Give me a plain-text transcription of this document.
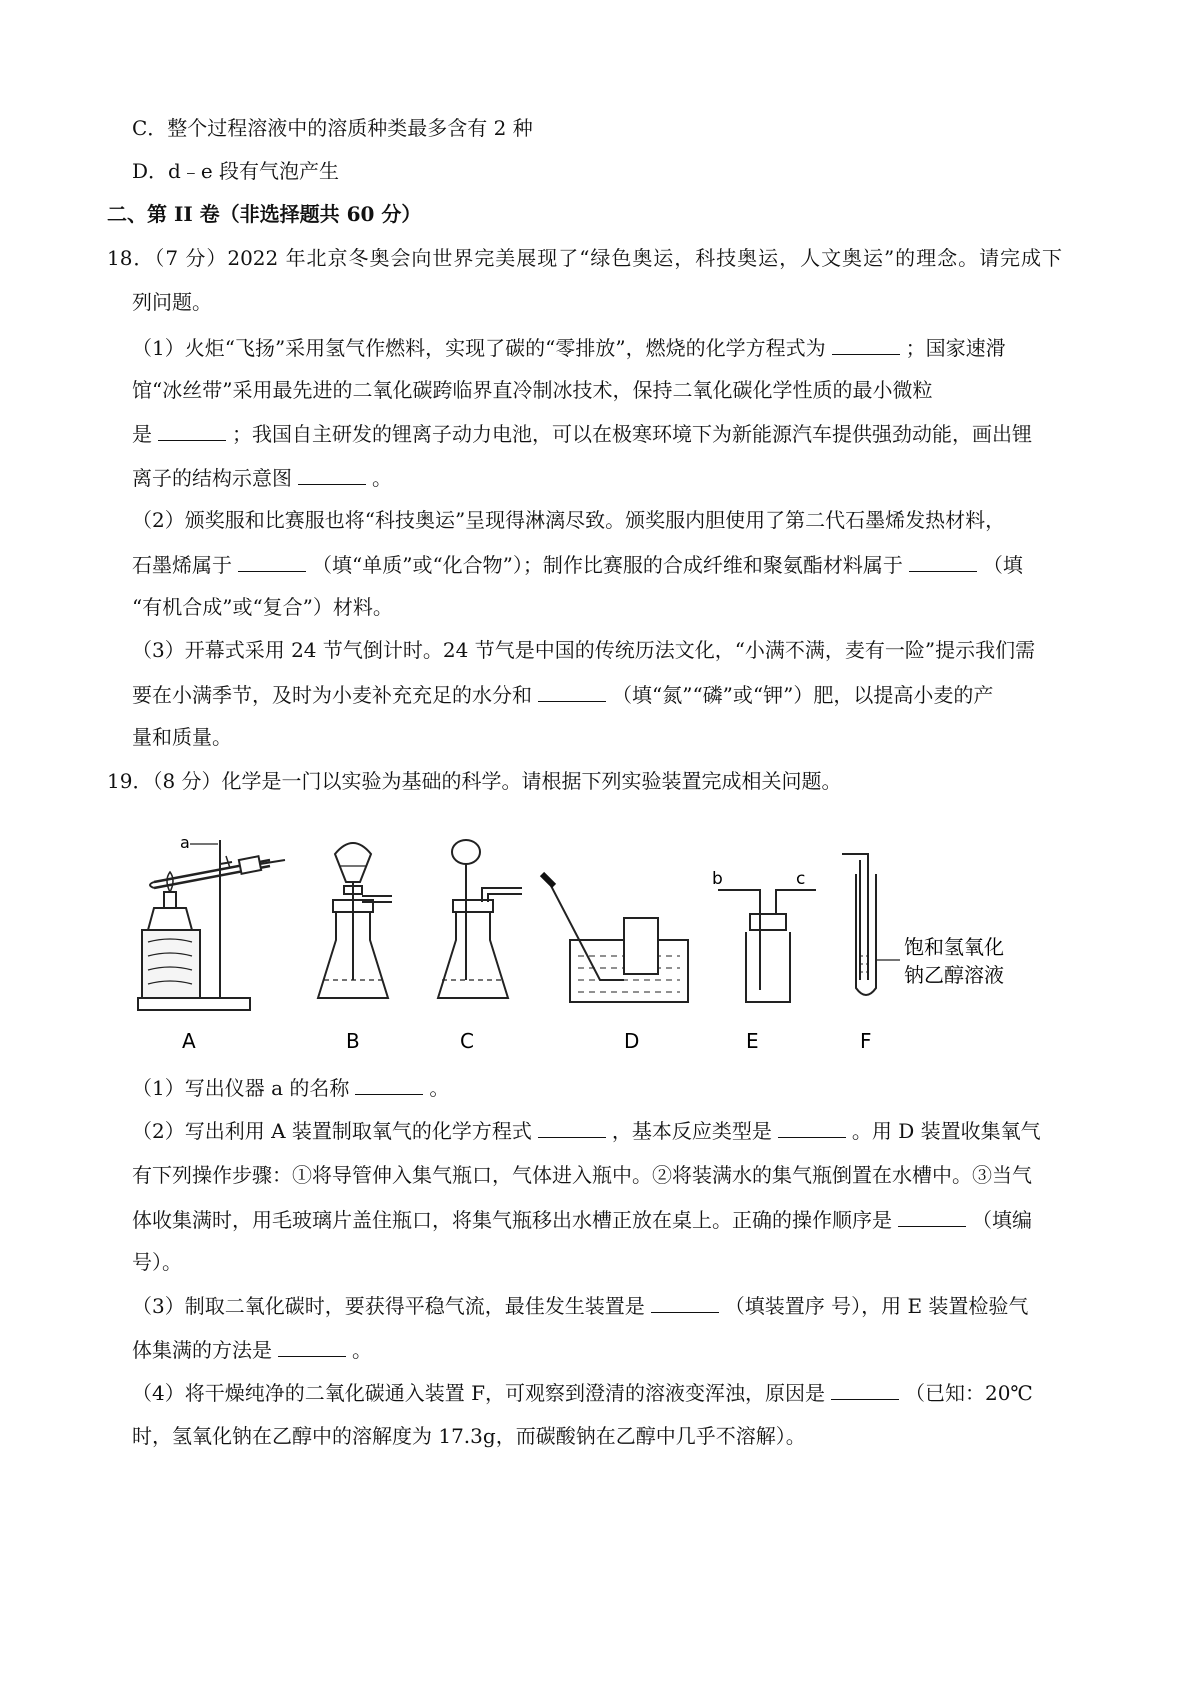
C．整个过程溶液中的溶质种类最多含有 2 种
D．d﹣e 段有气泡产生
二、第 II 卷（非选择题共 60 分）
18．（7 分）2022 年北京冬奥会向世界完美展现了“绿色奥运，科技奥运，人文奥运”的理念。请完成下
列问题。
（1）火炬“飞扬”采用氢气作燃料，实现了碳的“零排放”，燃烧的化学方程式为	；国家速滑
馆“冰丝带”采用最先进的二氧化碳跨临界直冷制冰技术，保持二氧化碳化学性质的最小微粒
是	；我国自主研发的锂离子动力电池，可以在极寒环境下为新能源汽车提供强劲动能，画出锂
离子的结构示意图	。
（2）颁奖服和比赛服也将“科技奥运”呈现得淋漓尽致。颁奖服内胆使用了第二代石墨烯发热材料，
石墨烯属于	（填“单质”或“化合物”）；制作比赛服的合成纤维和聚氨酯材料属于	（填
“有机合成”或“复合”）材料。
（3）开幕式采用 24 节气倒计时。24 节气是中国的传统历法文化，“小满不满，麦有一险”提示我们需
要在小满季节，及时为小麦补充充足的水分和	（填“氮”“磷”或“钾”）肥，以提高小麦的产
量和质量。
19．（8 分）化学是一门以实验为基础的科学。请根据下列实验装置完成相关问题。
A	B	C	D	E	F
a
b	c
饱和氢氧化
钠乙醇溶液
（1）写出仪器 a 的名称	。
（2）写出利用 A 装置制取氧气的化学方程式	，基本反应类型是	。用 D 装置收集氧气
有下列操作步骤：①将导管伸入集气瓶口，气体进入瓶中。②将装满水的集气瓶倒置在水槽中。③当气
体收集满时，用毛玻璃片盖住瓶口，将集气瓶移出水槽正放在桌上。正确的操作顺序是	（填编
号）。
（3）制取二氧化碳时，要获得平稳气流，最佳发生装置是	（填装置序 号），用 E 装置检验气
体集满的方法是	。
（4）将干燥纯净的二氧化碳通入装置 F，可观察到澄清的溶液变浑浊，原因是	（已知：20℃
时，氢氧化钠在乙醇中的溶解度为 17.3g，而碳酸钠在乙醇中几乎不溶解）。
